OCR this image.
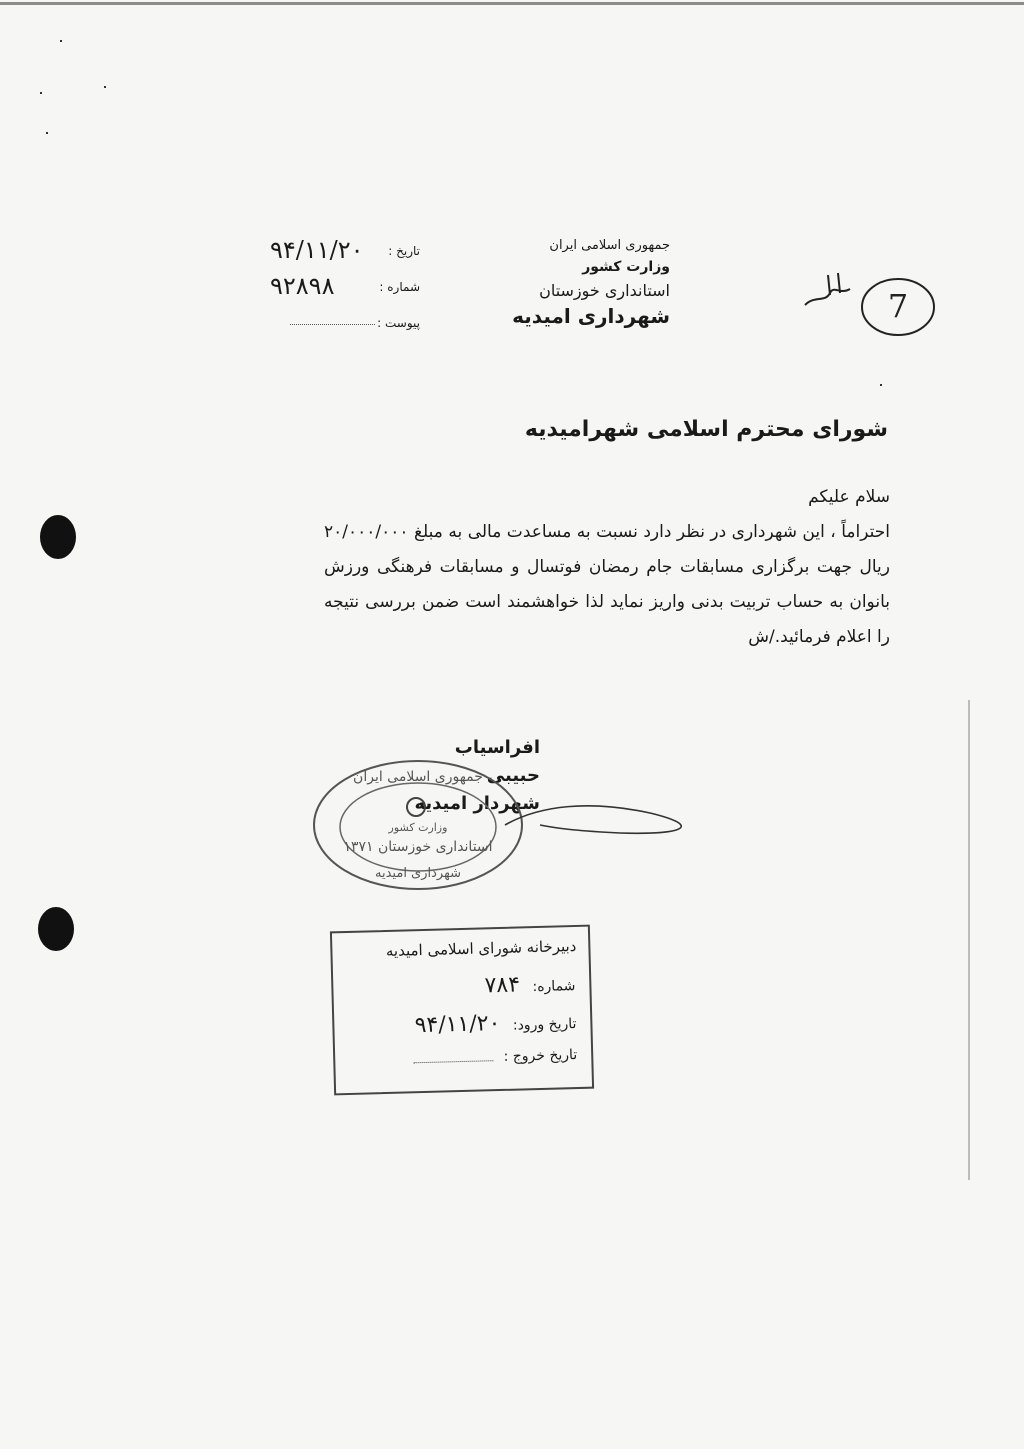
جمهوری اسلامی ایران
وزارت کشور
استانداری خوزستان
شهرداری امیدیه
تاریخ :
۹۴/۱۱/۲۰
شماره :
۹۲۸۹۸
پیوست :	7
شورای محترم اسلامی شهرامیدیه
سلام علیکم
احتراماً ، این شهرداری در نظر دارد نسبت به مساعدت مالی به مبلغ ۲۰/۰۰۰/۰۰۰ ریال جهت برگزاری مسابقات جام رمضان فوتسال و مسابقات فرهنگی ورزش بانوان به حساب تربیت بدنی واریز نماید لذا خواهشمند است ضمن بررسی نتیجه را اعلام فرمائید./ش
افراسیاب حبیبی
شهردار امیدیه
جمهوری اسلامی ایران
وزارت کشور
استانداری خوزستان ۱۳۷۱
شهرداری امیدیه
دبیرخانه شورای اسلامی امیدیه
شماره: ۷۸۴
تاریخ ورود: ۹۴/۱۱/۲۰
تاریخ خروج :
